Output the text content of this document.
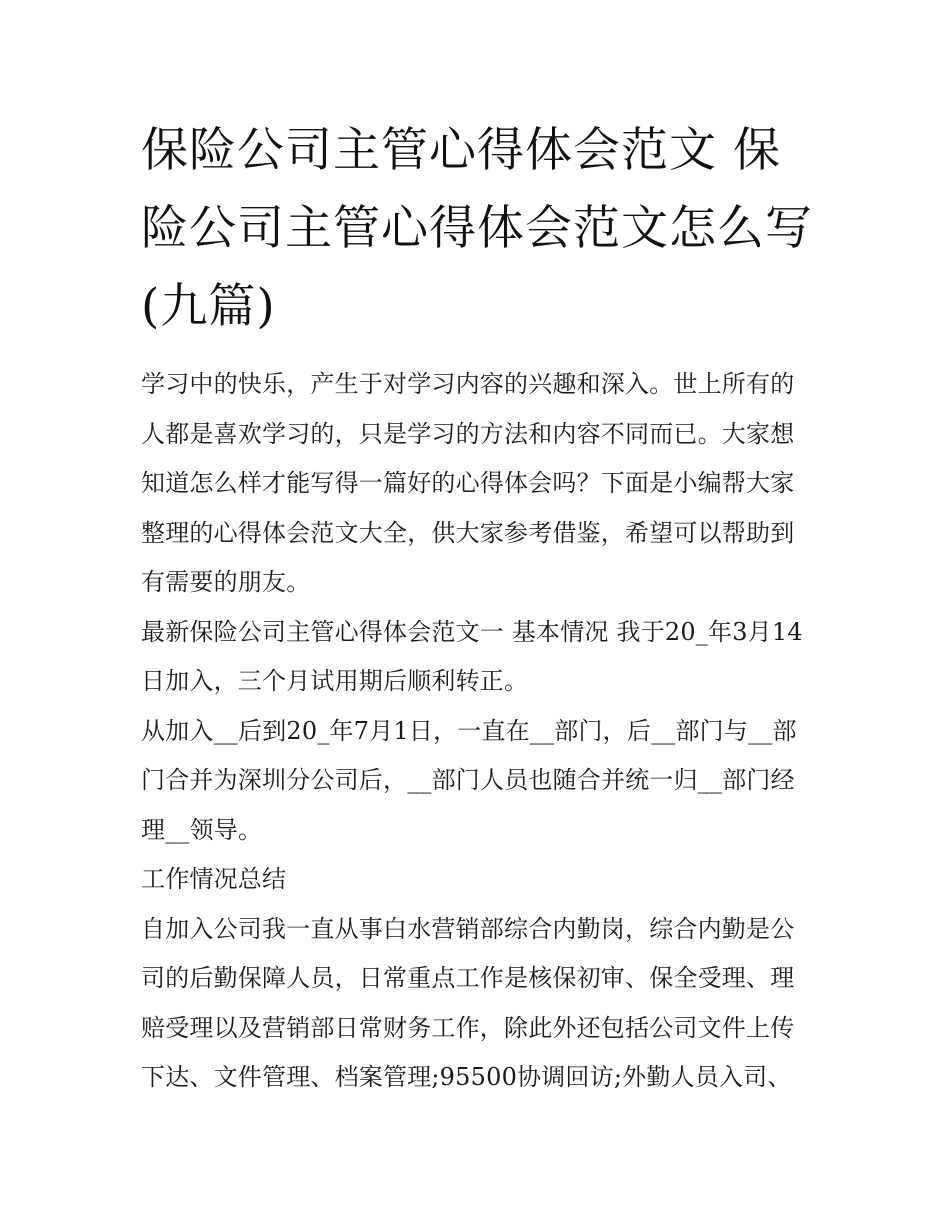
保险公司主管心得体会范文 保险公司主管心得体会范文怎么写(九篇)

学习中的快乐，产生于对学习内容的兴趣和深入。世上所有的人都是喜欢学习的，只是学习的方法和内容不同而已。大家想知道怎么样才能写得一篇好的心得体会吗？下面是小编帮大家整理的心得体会范文大全，供大家参考借鉴，希望可以帮助到有需要的朋友。

最新保险公司主管心得体会范文一 基本情况 我于20_年3月14日加入，三个月试用期后顺利转正。

从加入__后到20_年7月1日，一直在__部门，后__部门与__部门合并为深圳分公司后，__部门人员也随合并统一归__部门经理__领导。

工作情况总结

自加入公司我一直从事白水营销部综合内勤岗，综合内勤是公司的后勤保障人员，日常重点工作是核保初审、保全受理、理赔受理以及营销部日常财务工作，除此外还包括公司文件上传下达、文件管理、档案管理;95500协调回访;外勤人员入司、
